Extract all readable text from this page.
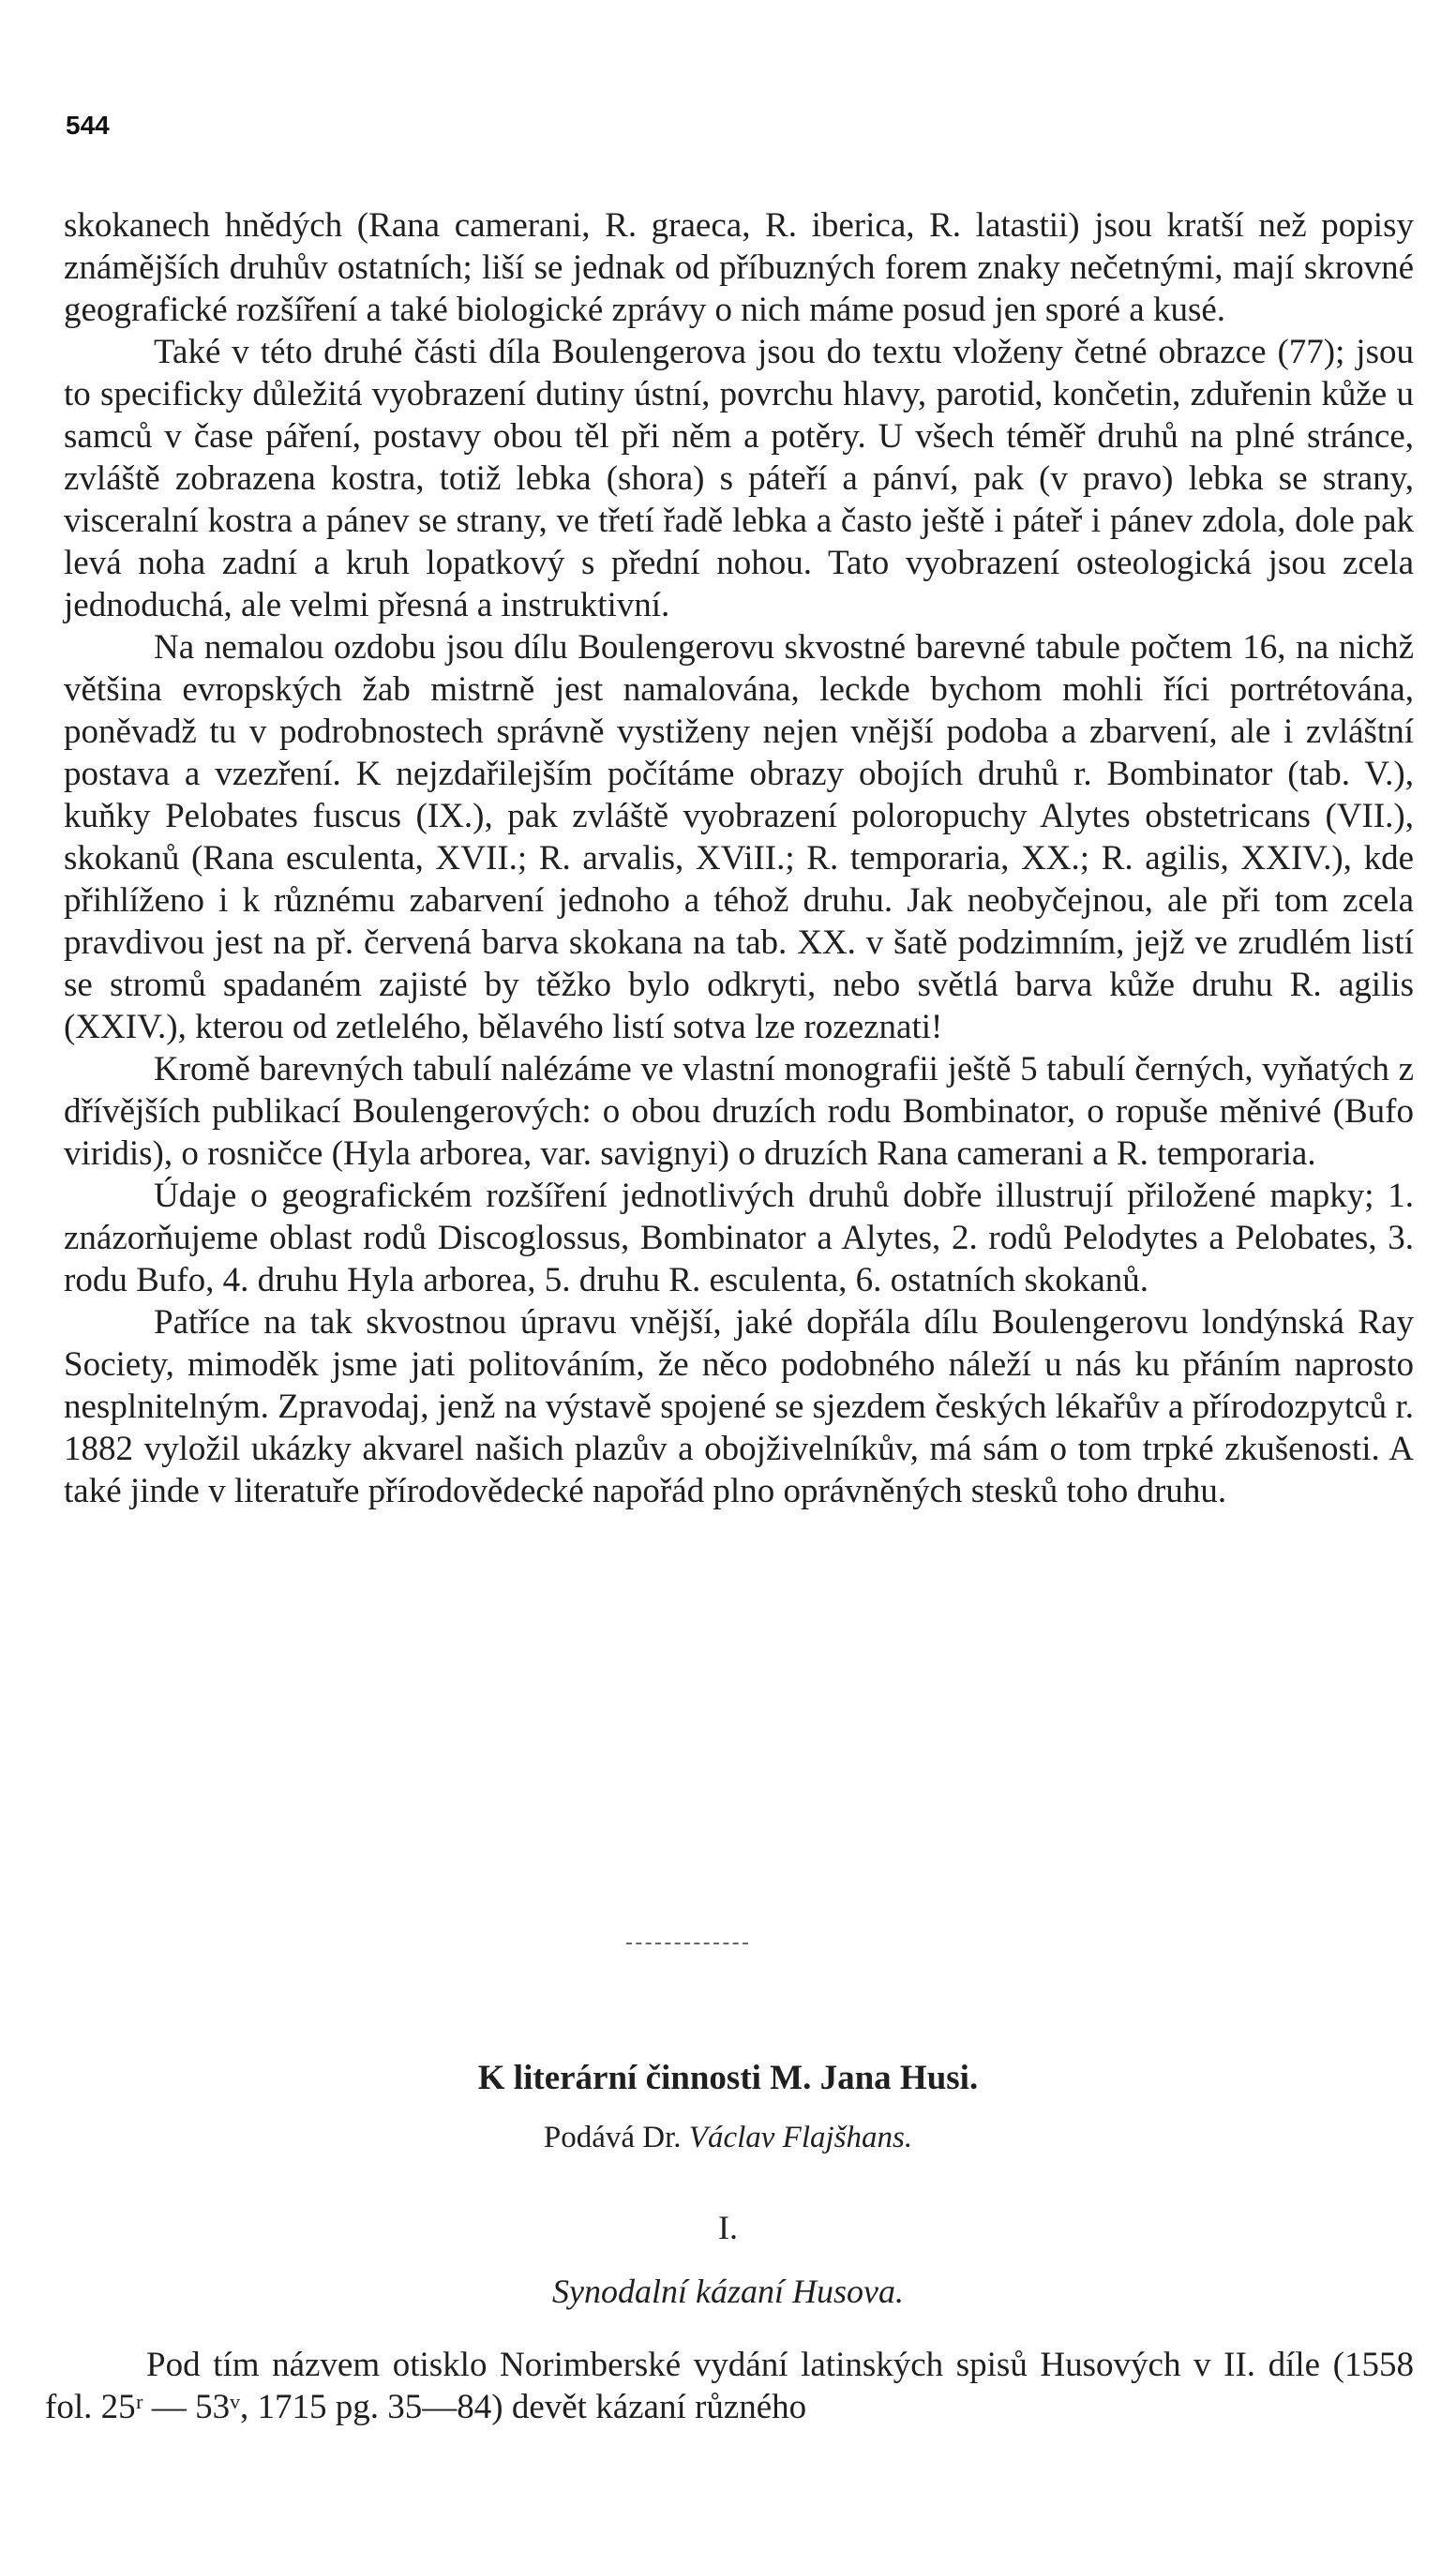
544

skokanech hnědých (Rana camerani, R. graeca, R. iberica, R. latastii) jsou kratší než popisy známějších druhův ostatních; liší se jednak od příbuzných forem znaky nečetnými, mají skrovné geografické rozšíření a také biologické zprávy o nich máme posud jen sporé a kusé.

Také v této druhé části díla Boulengerova jsou do textu vloženy četné obrazce (77); jsou to specificky důležitá vyobrazení dutiny ústní, povrchu hlavy, parotid, končetin, zduřenin kůže u samců v čase páření, postavy obou těl při něm a potěry. U všech téměř druhů na plné stránce, zvláště zobrazena kostra, totiž lebka (shora) s páteří a pánví, pak (v pravo) lebka se strany, visceralní kostra a pánev se strany, ve třetí řadě lebka a často ještě i páteř i pánev zdola, dole pak levá noha zadní a kruh lopatkový s přední nohou. Tato vyobrazení osteologická jsou zcela jednoduchá, ale velmi přesná a instruktivní.

Na nemalou ozdobu jsou dílu Boulengerovu skvostné barevné tabule počtem 16, na nichž většina evropských žab mistrně jest namalována, leckde bychom mohli říci portrétována, poněvadž tu v podrobnostech správně vystiženy nejen vnější podoba a zbarvení, ale i zvláštní postava a vzezření. K nejzdařilejším počítáme obrazy obojích druhů r. Bombinator (tab. V.), kuňky Pelobates fuscus (IX.), pak zvláště vyobrazení poloropuchy Alytes obstetricans (VII.), skokanů (Rana esculenta, XVII.; R. arvalis, XViII.; R. temporaria, XX.; R. agilis, XXIV.), kde přihlíženo i k různému zabarvení jednoho a téhož druhu. Jak neobyčejnou, ale při tom zcela pravdivou jest na př. červená barva skokana na tab. XX. v šatě podzimním, jejž ve zrudlém listí se stromů spadaném zajisté by těžko bylo odkryti, nebo světlá barva kůže druhu R. agilis (XXIV.), kterou od zetlelého, bělavého listí sotva lze rozeznati!

Kromě barevných tabulí nalézáme ve vlastní monografii ještě 5 tabulí černých, vyňatých z dřívějších publikací Boulengerových: o obou druzích rodu Bombinator, o ropuše měnivé (Bufo viridis), o rosničce (Hyla arborea, var. savignyi) o druzích Rana camerani a R. temporaria.

Údaje o geografickém rozšíření jednotlivých druhů dobře illustrují přiložené mapky; 1. znázorňujeme oblast rodů Discoglossus, Bombinator a Alytes, 2. rodů Pelodytes a Pelobates, 3. rodu Bufo, 4. druhu Hyla arborea, 5. druhu R. esculenta, 6. ostatních skokanů.

Patříce na tak skvostnou úpravu vnější, jaké dopřála dílu Boulengerovu londýnská Ray Society, mimoděk jsme jati politováním, že něco podobného náleží u nás ku přáním naprosto nesplnitelným. Zpravodaj, jenž na výstavě spojené se sjezdem českých lékařův a přírodozpytců r. 1882 vyložil ukázky akvarel našich plazův a obojživelníkův, má sám o tom trpké zkušenosti. A také jinde v literatuře přírodovědecké napořád plno oprávněných stesků toho druhu.

K literární činnosti M. Jana Husi.
Podává Dr. Václav Flajšhans.
I.
Synodalní kázaní Husova.

Pod tím názvem otisklo Norimberské vydání latinských spisů Husových v II. díle (1558 fol. 25ʳ — 53ᵛ, 1715 pg. 35—84) devět kázaní různého
